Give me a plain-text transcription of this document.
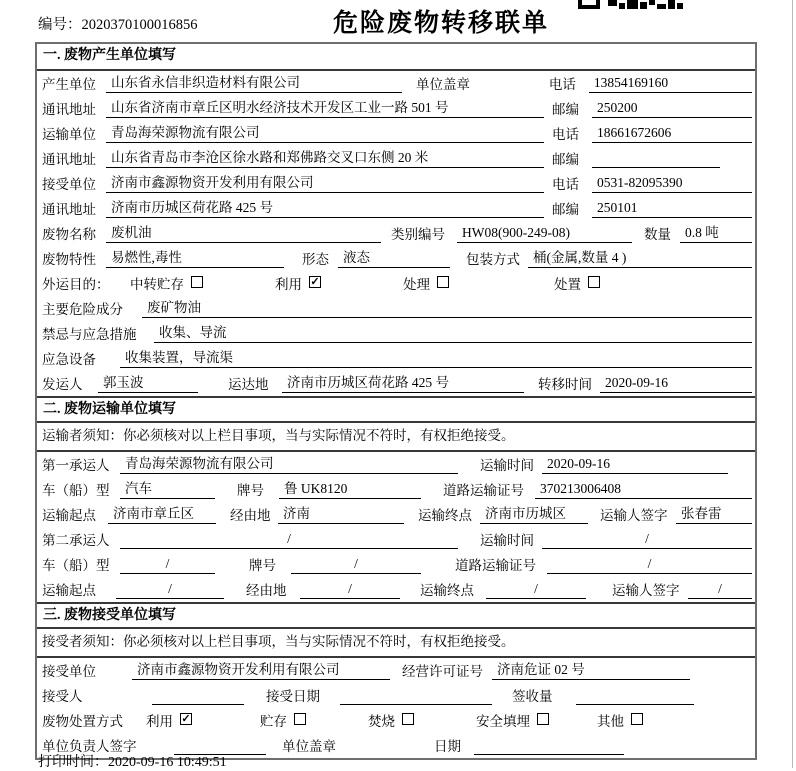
编号：2020370100016856	危险废物转移联单
一. 废物产生单位填写
产生单位	山东省永信非织造材料有限公司	单位盖章	电话	13854169160
通讯地址	山东省济南市章丘区明水经济技术开发区工业一路 501 号	邮编	250200
运输单位	青岛海荣源物流有限公司	电话	18661672606
通讯地址	山东省青岛市李沧区徐水路和郑佛路交叉口东侧 20 米	邮编
接受单位	济南市鑫源物资开发利用有限公司	电话	0531-82095390
通讯地址	济南市历城区荷花路 425 号	邮编	250101
废物名称	废机油	类别编号	HW08(900-249-08)	数量	0.8 吨
废物特性	易燃性,毒性	形态	液态	包装方式 桶(金属,数量 4 )
外运目的：	中转贮存	利用 ✓	处理	处置
主要危险成分	废矿物油
禁忌与应急措施	收集、导流
应急设备	收集装置，导流渠
发运人	郭玉波	运达地	济南市历城区荷花路 425 号	转移时间 2020-09-16
二. 废物运输单位填写
运输者须知：你必须核对以上栏目事项，当与实际情况不符时，有权拒绝接受。
第一承运人	青岛海荣源物流有限公司	运输时间 2020-09-16
车（船）型	汽车	牌号	鲁 UK8120	道路运输证号	370213006408
运输起点	济南市章丘区	经由地 济南	运输终点 济南市历城区	运输人签字	张春雷
第二承运人	/	运输时间	/
车（船）型	/	牌号	/	道路运输证号	/
运输起点	/	经由地	/	运输终点	/	运输人签字	/
三. 废物接受单位填写
接受者须知：你必须核对以上栏目事项，当与实际情况不符时，有权拒绝接受。
接受单位	济南市鑫源物资开发利用有限公司	经营许可证号	济南危证 02 号
接受人	接受日期	签收量
废物处置方式	利用 ✓	贮存	焚烧	安全填埋	其他
单位负责人签字	单位盖章	日期
打印时间：2020-09-16 10:49:51
